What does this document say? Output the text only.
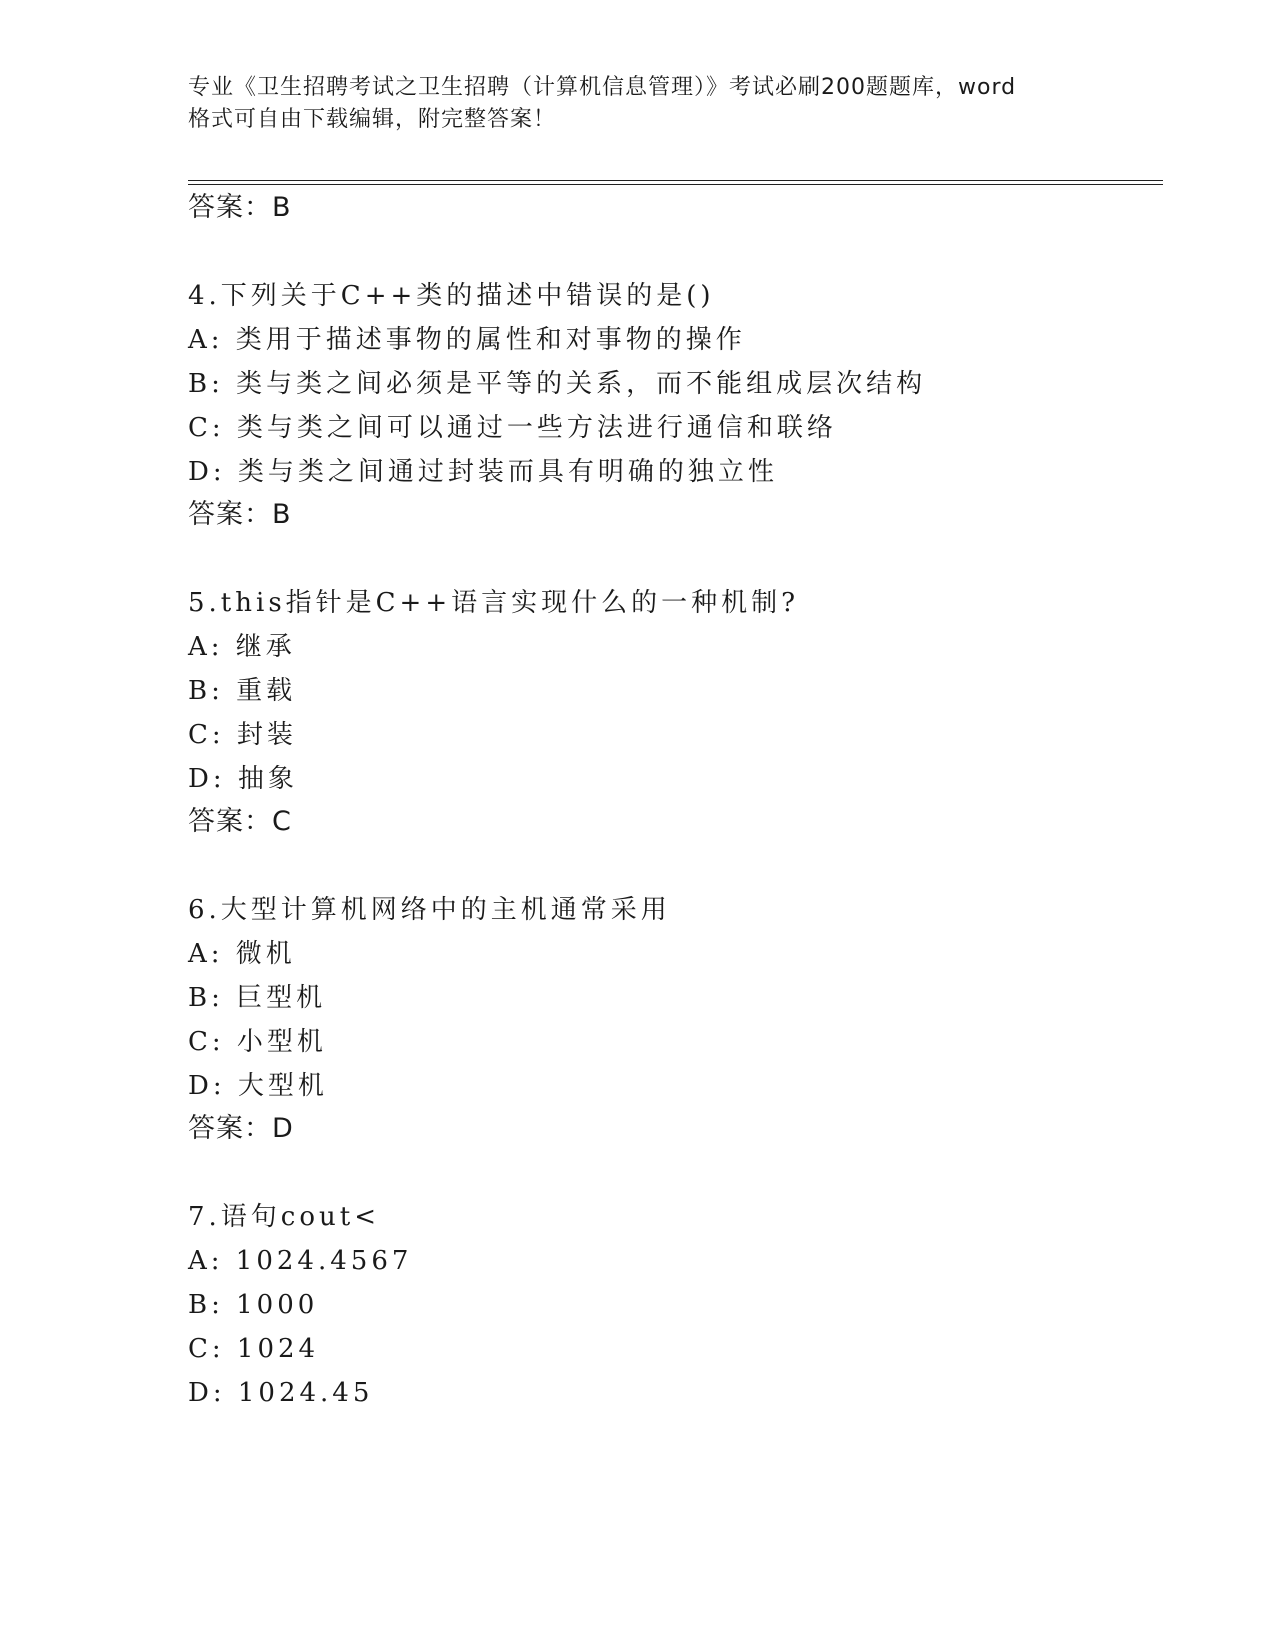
专业《卫生招聘考试之卫生招聘（计算机信息管理）》考试必刷200题题库，word
格式可自由下载编辑，附完整答案！
答案：B
4.下列关于C++类的描述中错误的是()
A: 类用于描述事物的属性和对事物的操作
B: 类与类之间必须是平等的关系，而不能组成层次结构
C: 类与类之间可以通过一些方法进行通信和联络
D: 类与类之间通过封装而具有明确的独立性
答案：B
5.this指针是C++语言实现什么的一种机制?
A: 继承
B: 重载
C: 封装
D: 抽象
答案：C
6.大型计算机网络中的主机通常采用
A: 微机
B: 巨型机
C: 小型机
D: 大型机
答案：D
7.语句cout<
A: 1024.4567
B: 1000
C: 1024
D: 1024.45
